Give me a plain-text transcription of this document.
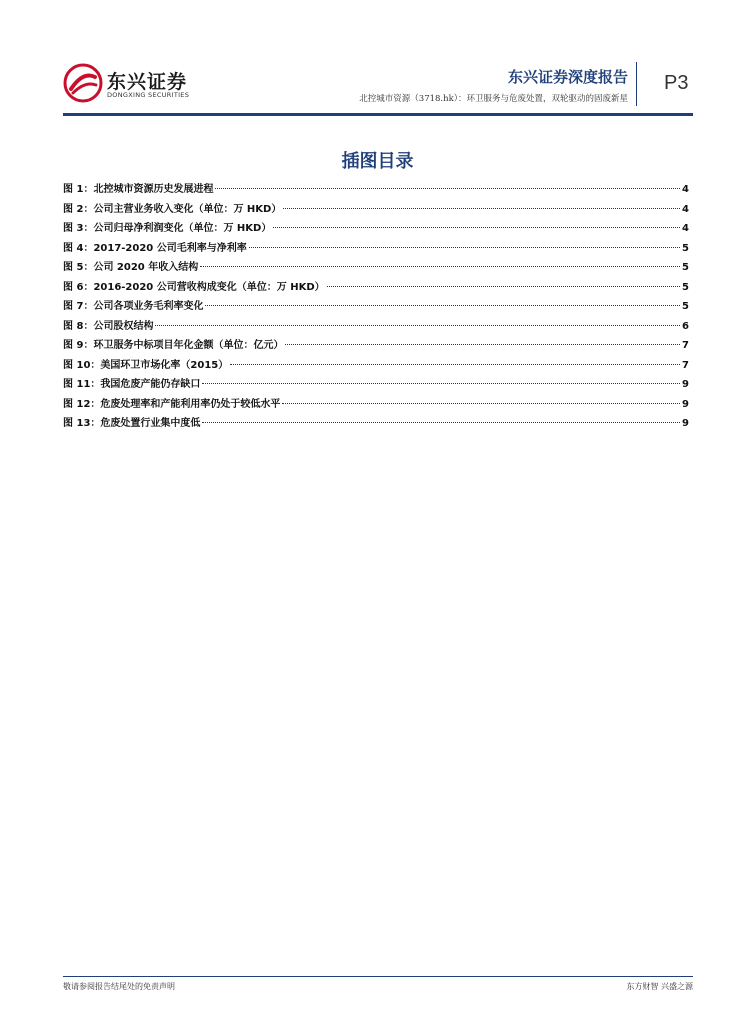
东兴证券
DONGXING SECURITIES
东兴证券深度报告
北控城市资源（3718.hk）：环卫服务与危废处置，双轮驱动的固废新星
P3
插图目录
图 1：北控城市资源历史发展进程	4
图 2：公司主营业务收入变化（单位：万 HKD）	4
图 3：公司归母净利润变化（单位：万 HKD）	4
图 4：2017-2020 公司毛利率与净利率	5
图 5：公司 2020 年收入结构	5
图 6：2016-2020 公司营收构成变化（单位：万 HKD）	5
图 7：公司各项业务毛利率变化	5
图 8：公司股权结构	6
图 9：环卫服务中标项目年化金额（单位：亿元）	7
图 10：美国环卫市场化率（2015）	7
图 11：我国危废产能仍存缺口	9
图 12：危废处理率和产能利用率仍处于较低水平	9
图 13：危废处置行业集中度低	9
敬请参阅报告结尾处的免责声明	东方财智 兴盛之源
